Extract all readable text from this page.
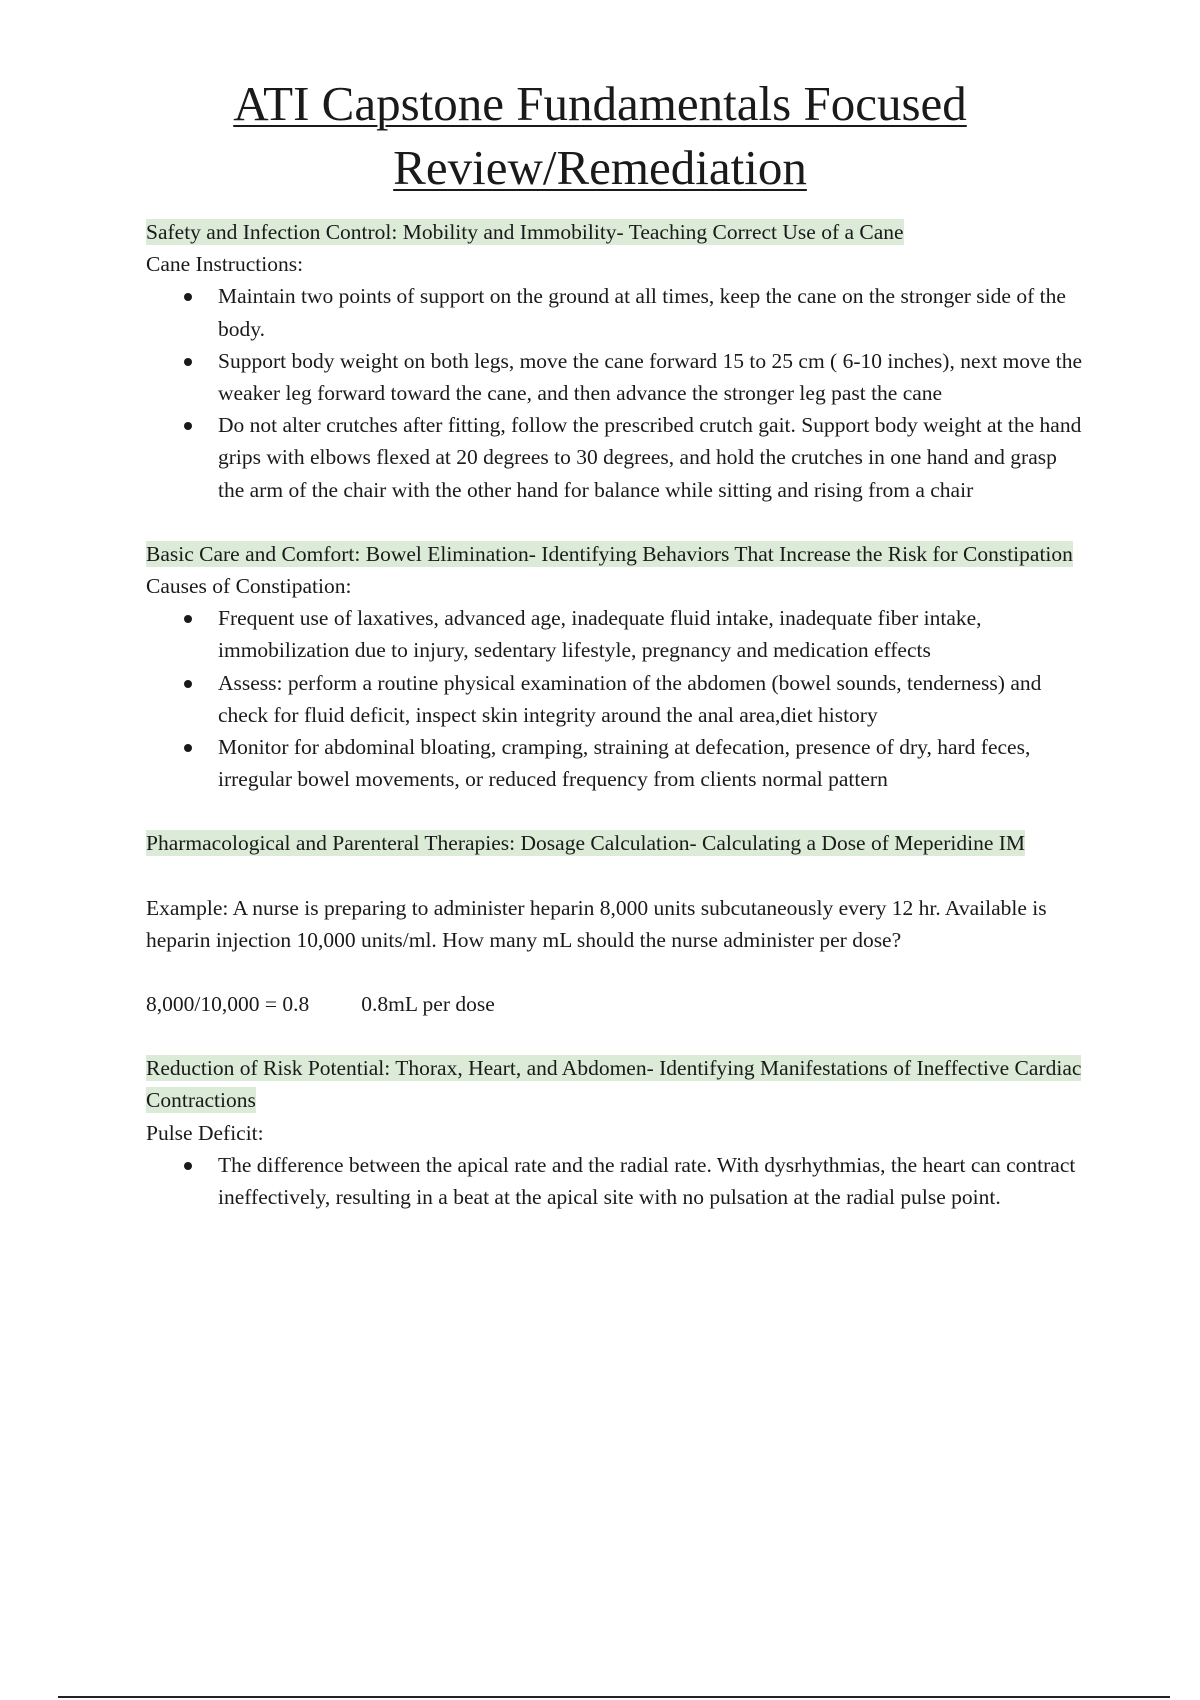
ATI Capstone Fundamentals Focused
Review/Remediation

Safety and Infection Control: Mobility and Immobility- Teaching Correct Use of a Cane

Cane Instructions:

Maintain two points of support on the ground at all times, keep the cane on the stronger side of the body.
Support body weight on both legs, move the cane forward 15 to 25 cm ( 6-10 inches), next move the weaker leg forward toward the cane, and then advance the stronger leg past the cane
Do not alter crutches after fitting, follow the prescribed crutch gait. Support body weight at the hand grips with elbows flexed at 20 degrees to 30 degrees, and hold the crutches in one hand and grasp the arm of the chair with the other hand for balance while sitting and rising from a chair

Basic Care and Comfort: Bowel Elimination- Identifying Behaviors That Increase the Risk for Constipation

Causes of Constipation:

Frequent use of laxatives, advanced age, inadequate fluid intake, inadequate fiber intake, immobilization due to injury, sedentary lifestyle, pregnancy and medication effects
Assess: perform a routine physical examination of the abdomen (bowel sounds, tenderness) and check for fluid deficit, inspect skin integrity around the anal area,diet history
Monitor for abdominal bloating, cramping, straining at defecation, presence of dry, hard feces, irregular bowel movements, or reduced frequency from clients normal pattern

Pharmacological and Parenteral Therapies: Dosage Calculation- Calculating a Dose of Meperidine IM

Example: A nurse is preparing to administer heparin 8,000 units subcutaneously every 12 hr. Available is heparin injection 10,000 units/ml. How many mL should the nurse administer per dose?

8,000/10,000 = 0.8 0.8mL per dose

Reduction of Risk Potential: Thorax, Heart, and Abdomen- Identifying Manifestations of Ineffective Cardiac Contractions

Pulse Deficit:

The difference between the apical rate and the radial rate. With dysrhythmias, the heart can contract ineffectively, resulting in a beat at the apical site with no pulsation at the radial pulse point.
